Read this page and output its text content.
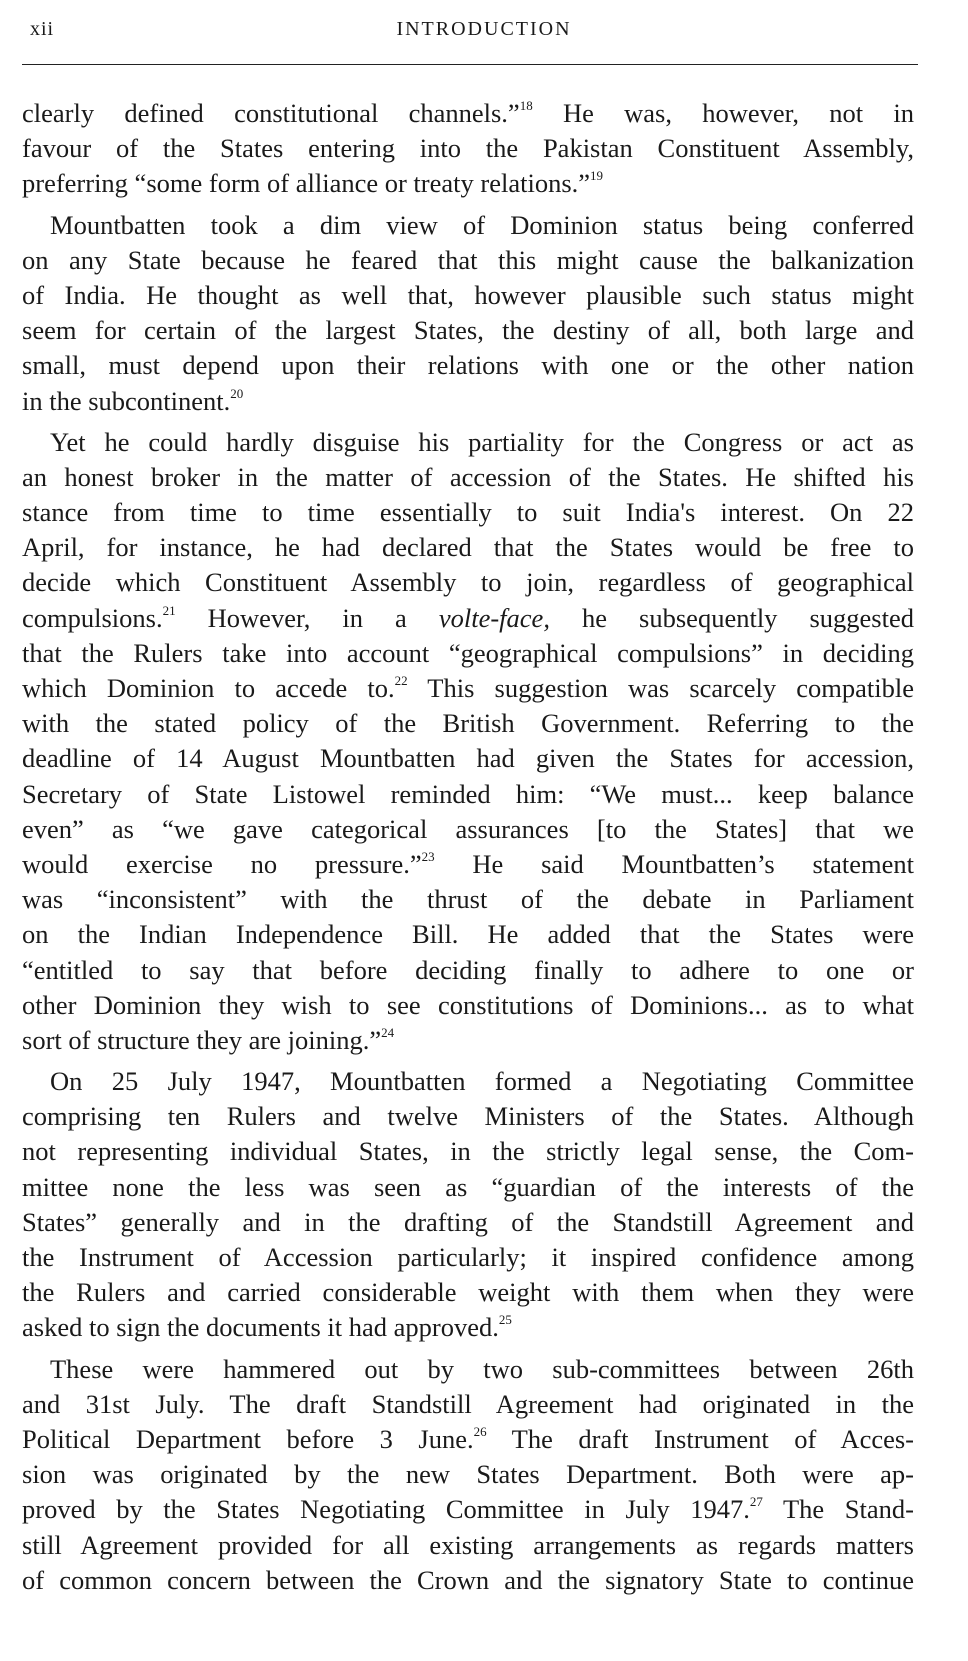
xii	INTRODUCTION
clearly defined constitutional channels.”$^{18}$ He was, however, not in
favour of the States entering into the Pakistan Constituent Assembly,
preferring “some form of alliance or treaty relations.”$^{19}$
Mountbatten took a dim view of Dominion status being conferred
on any State because he feared that this might cause the balkanization
of India. He thought as well that, however plausible such status might
seem for certain of the largest States, the destiny of all, both large and
small, must depend upon their relations with one or the other nation
in the subcontinent.$^{20}$
Yet he could hardly disguise his partiality for the Congress or act as
an honest broker in the matter of accession of the States. He shifted his
stance from time to time essentially to suit India's interest. On 22
April, for instance, he had declared that the States would be free to
decide which Constituent Assembly to join, regardless of geographical
compulsions.$^{21}$ However, in a volte-face, he subsequently suggested
that the Rulers take into account “geographical compulsions” in deciding
which Dominion to accede to.$^{22}$ This suggestion was scarcely compatible
with the stated policy of the British Government. Referring to the
deadline of 14 August Mountbatten had given the States for accession,
Secretary of State Listowel reminded him: “We must... keep balance
even” as “we gave categorical assurances [to the States] that we
would exercise no pressure.”$^{23}$ He said Mountbatten’s statement
was “inconsistent” with the thrust of the debate in Parliament
on the Indian Independence Bill. He added that the States were
“entitled to say that before deciding finally to adhere to one or
other Dominion they wish to see constitutions of Dominions... as to what
sort of structure they are joining.”$^{24}$
On 25 July 1947, Mountbatten formed a Negotiating Committee
comprising ten Rulers and twelve Ministers of the States. Although
not representing individual States, in the strictly legal sense, the Com-
mittee none the less was seen as “guardian of the interests of the
States” generally and in the drafting of the Standstill Agreement and
the Instrument of Accession particularly; it inspired confidence among
the Rulers and carried considerable weight with them when they were
asked to sign the documents it had approved.$^{25}$
These were hammered out by two sub-committees between 26th
and 31st July. The draft Standstill Agreement had originated in the
Political Department before 3 June.$^{26}$ The draft Instrument of Acces-
sion was originated by the new States Department. Both were ap-
proved by the States Negotiating Committee in July 1947.27 The Stand-
still Agreement provided for all existing arrangements as regards matters
of common concern between the Crown and the signatory State to continue
